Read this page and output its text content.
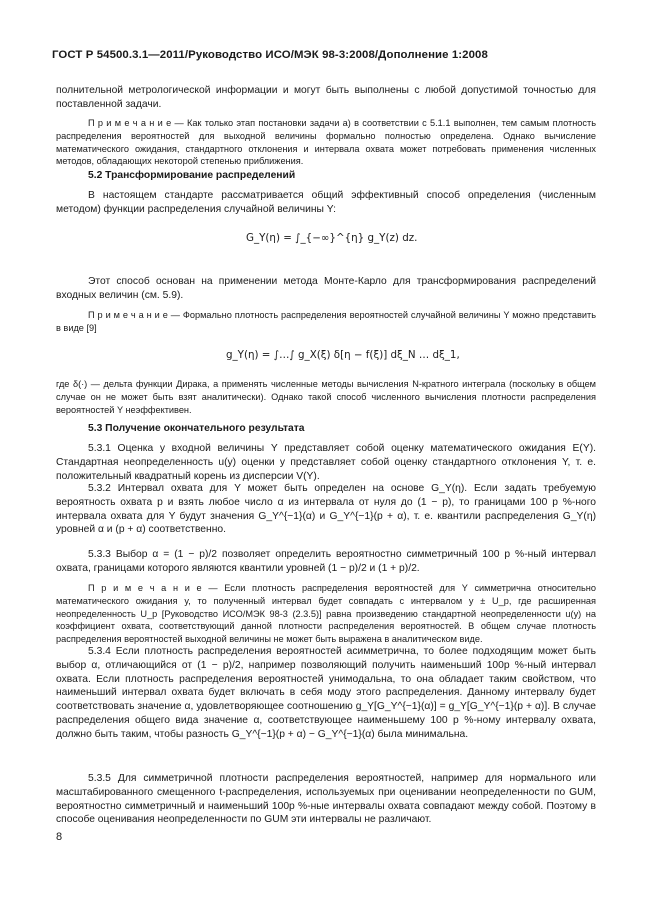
ГОСТ Р 54500.3.1—2011/Руководство ИСО/МЭК 98-3:2008/Дополнение 1:2008
полнительной метрологической информации и могут быть выполнены с любой допустимой точностью для поставленной задачи.
П р и м е ч а н и е — Как только этап постановки задачи а) в соответствии с 5.1.1 выполнен, тем самым плотность распределения вероятностей для выходной величины формально полностью определена. Однако вычисление математического ожидания, стандартного отклонения и интервала охвата может потребовать применения численных методов, обладающих некоторой степенью приближения.
5.2 Трансформирование распределений
В настоящем стандарте рассматривается общий эффективный способ определения (численным методом) функции распределения случайной величины Y:
G_Y(η) = ∫_{−∞}^{η} g_Y(z) dz.
Этот способ основан на применении метода Монте-Карло для трансформирования распределений входных величин (см. 5.9).
П р и м е ч а н и е — Формально плотность распределения вероятностей случайной величины Y можно представить в виде [9]
g_Y(η) = ∫…∫ g_X(ξ) δ[η − f(ξ)] dξ_N … dξ_1,
где δ(·) — дельта функции Дирака, а применять численные методы вычисления N-кратного интеграла (поскольку в общем случае он не может быть взят аналитически). Однако такой способ численного вычисления плотности распределения вероятностей Y неэффективен.
5.3 Получение окончательного результата
5.3.1 Оценка y входной величины Y представляет собой оценку математического ожидания E(Y). Стандартная неопределенность u(y) оценки y представляет собой оценку стандартного отклонения Y, т. е. положительный квадратный корень из дисперсии V(Y).
5.3.2 Интервал охвата для Y может быть определен на основе G_Y(η). Если задать требуемую вероятность охвата p и взять любое число α из интервала от нуля до (1 − p), то границами 100 p %-ного интервала охвата для Y будут значения G_Y^{−1}(α) и G_Y^{−1}(p + α), т. е. квантили распределения G_Y(η) уровней α и (p + α) соответственно.
5.3.3 Выбор α = (1 − p)/2 позволяет определить вероятностно симметричный 100 p %-ный интервал охвата, границами которого являются квантили уровней (1 − p)/2 и (1 + p)/2.
П р и м е ч а н и е — Если плотность распределения вероятностей для Y симметрична относительно математического ожидания y, то полученный интервал будет совпадать с интервалом y ± U_p, где расширенная неопределенность U_p [Руководство ИСО/МЭК 98-3 (2.3.5)] равна произведению стандартной неопределенности u(y) на коэффициент охвата, соответствующий данной плотности распределения вероятностей. В общем случае плотность распределения вероятностей выходной величины не может быть выражена в аналитическом виде.
5.3.4 Если плотность распределения вероятностей асимметрична, то более подходящим может быть выбор α, отличающийся от (1 − p)/2, например позволяющий получить наименьший 100p %-ный интервал охвата. Если плотность распределения вероятностей унимодальна, то она обладает таким свойством, что наименьший интервал охвата будет включать в себя моду этого распределения. Данному интервалу будет соответствовать значение α, удовлетворяющее соотношению g_Y[G_Y^{−1}(α)] = g_Y[G_Y^{−1}(p + α)]. В случае распределения общего вида значение α, соответствующее наименьшему 100 p %-ному интервалу охвата, должно быть таким, чтобы разность G_Y^{−1}(p + α) − G_Y^{−1}(α) была минимальна.
5.3.5 Для симметричной плотности распределения вероятностей, например для нормального или масштабированного смещенного t-распределения, используемых при оценивании неопределенности по GUM, вероятностно симметричный и наименьший 100p %-ные интервалы охвата совпадают между собой. Поэтому в способе оценивания неопределенности по GUM эти интервалы не различают.
8
